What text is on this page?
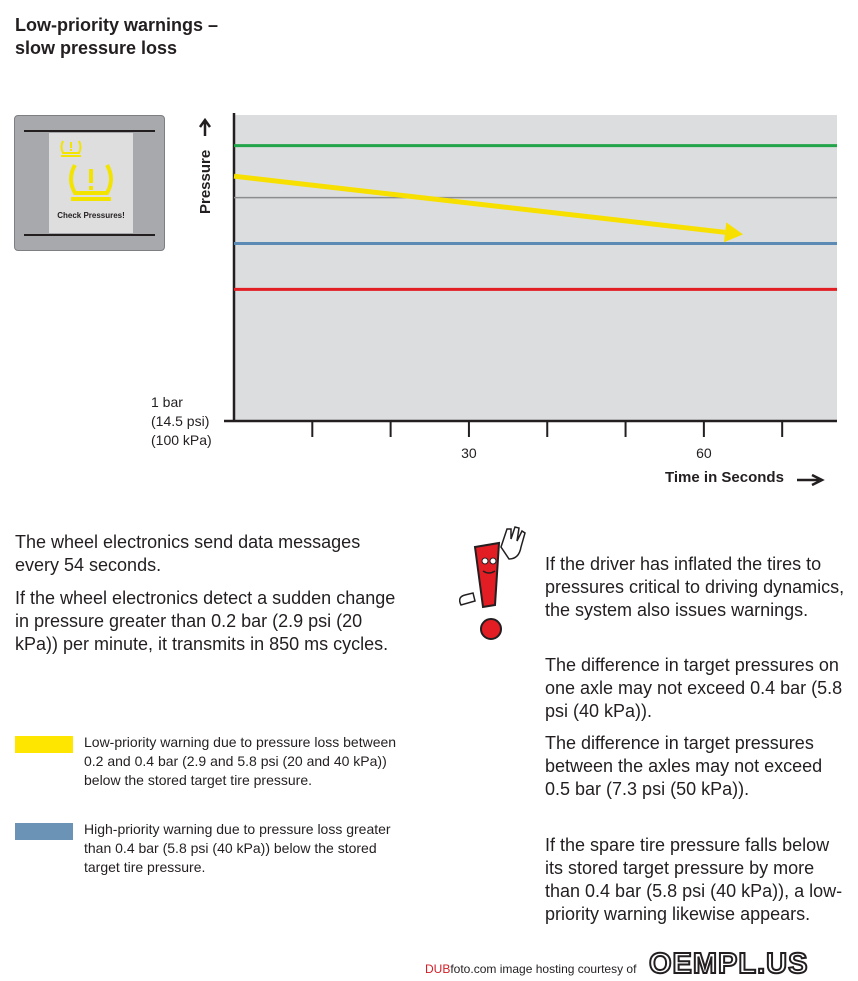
Low-priority warnings –
slow pressure loss
Check Pressures!
30	60
Pressure
1 bar
(14.5 psi)
(100 kPa)
Time in Seconds
The wheel electronics send data messages every 54 seconds.
If the wheel electronics detect a sudden change in pressure greater than 0.2 bar (2.9 psi (20 kPa)) per minute, it transmits in 850 ms cycles.
Low-priority warning due to pressure loss between 0.2 and 0.4 bar (2.9 and 5.8 psi (20 and 40 kPa)) below the stored target tire pressure.
High-priority warning due to pressure loss greater than 0.4 bar (5.8 psi (40 kPa)) below the stored target tire pressure.
If the driver has inflated the tires to pressures critical to driving dynamics, the system also issues warnings.
The difference in target pressures on one axle may not exceed 0.4 bar (5.8 psi (40 kPa)).
The difference in target pressures between the axles may not exceed 0.5 bar (7.3 psi (50 kPa)).
If the spare tire pressure falls below its stored target pressure by more than 0.4 bar (5.8 psi (40 kPa)), a low-priority warning likewise appears.
DUBfoto.com image hosting courtesy of OEMPL.US
